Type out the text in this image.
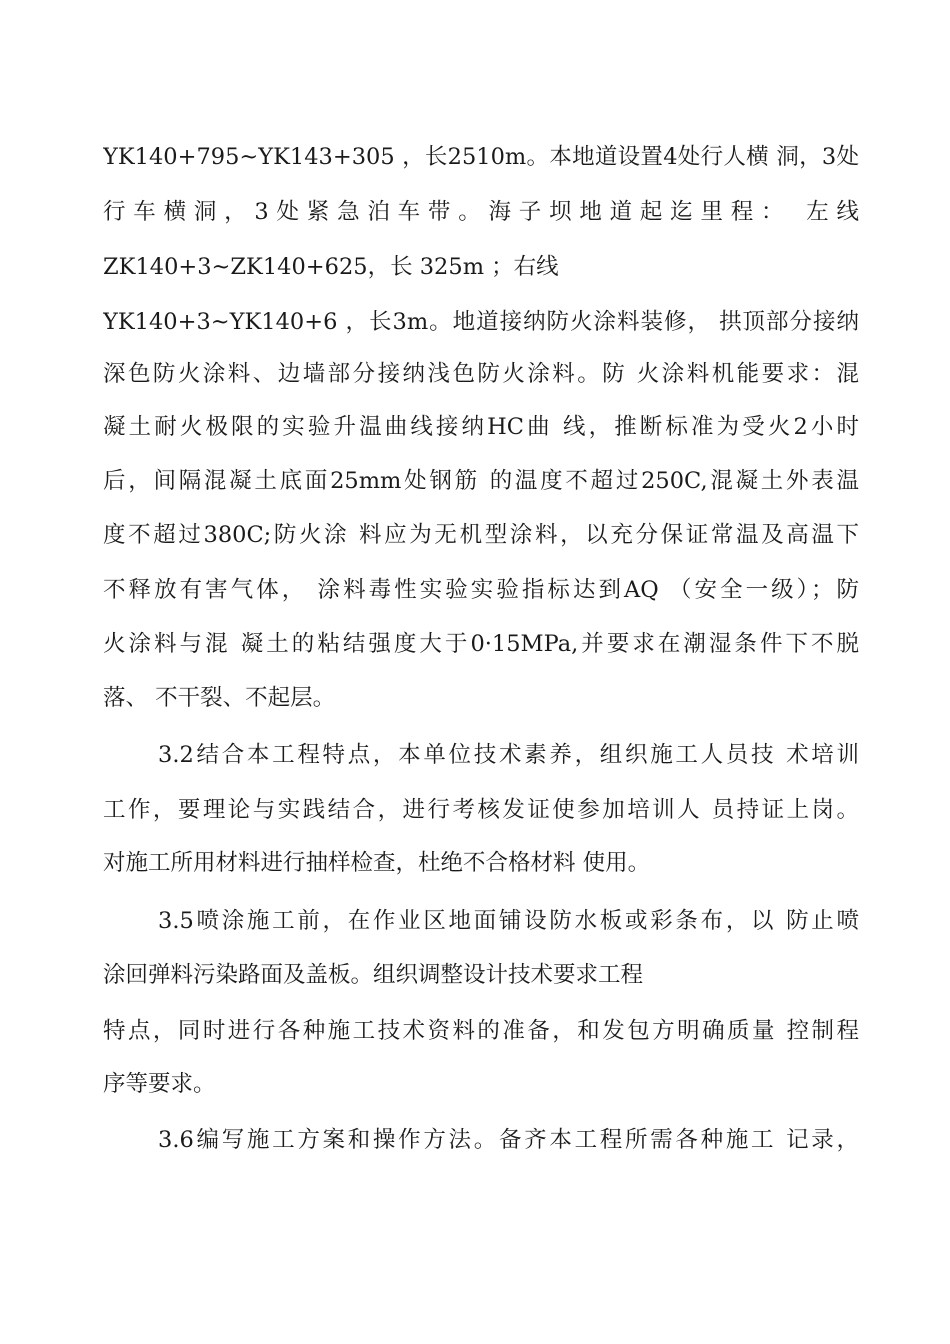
YK140+795~YK143+305 ，长2510m。本地道设置4处行人横 洞，3处
行车横洞，3处紧急泊车带。海子坝地道起迄里程： 左线
ZK140+3~ZK140+625，长 325m ；右线
YK140+3~YK140+6 ，长3m。地道接纳防火涂料装修， 拱顶部分接纳
深色防火涂料、边墙部分接纳浅色防火涂料。防 火涂料机能要求：混
凝土耐火极限的实验升温曲线接纳HC曲 线，推断标准为受火2小时
后，间隔混凝土底面25mm处钢筋 的温度不超过250C,混凝土外表温
度不超过380C;防火涂 料应为无机型涂料，以充分保证常温及高温下
不释放有害气体， 涂料毒性实验实验指标达到AQ （安全一级）；防
火涂料与混 凝土的粘结强度大于0·15MPa,并要求在潮湿条件下不脱
落、 不干裂、不起层。
3.2结合本工程特点，本单位技术素养，组织施工人员技 术培训
工作，要理论与实践结合，进行考核发证使参加培训人 员持证上岗。
对施工所用材料进行抽样检查，杜绝不合格材料 使用。
3.5喷涂施工前，在作业区地面铺设防水板或彩条布，以 防止喷
涂回弹料污染路面及盖板。组织调整设计技术要求工程
特点，同时进行各种施工技术资料的准备，和发包方明确质量 控制程
序等要求。
3.6编写施工方案和操作方法。备齐本工程所需各种施工 记录，
